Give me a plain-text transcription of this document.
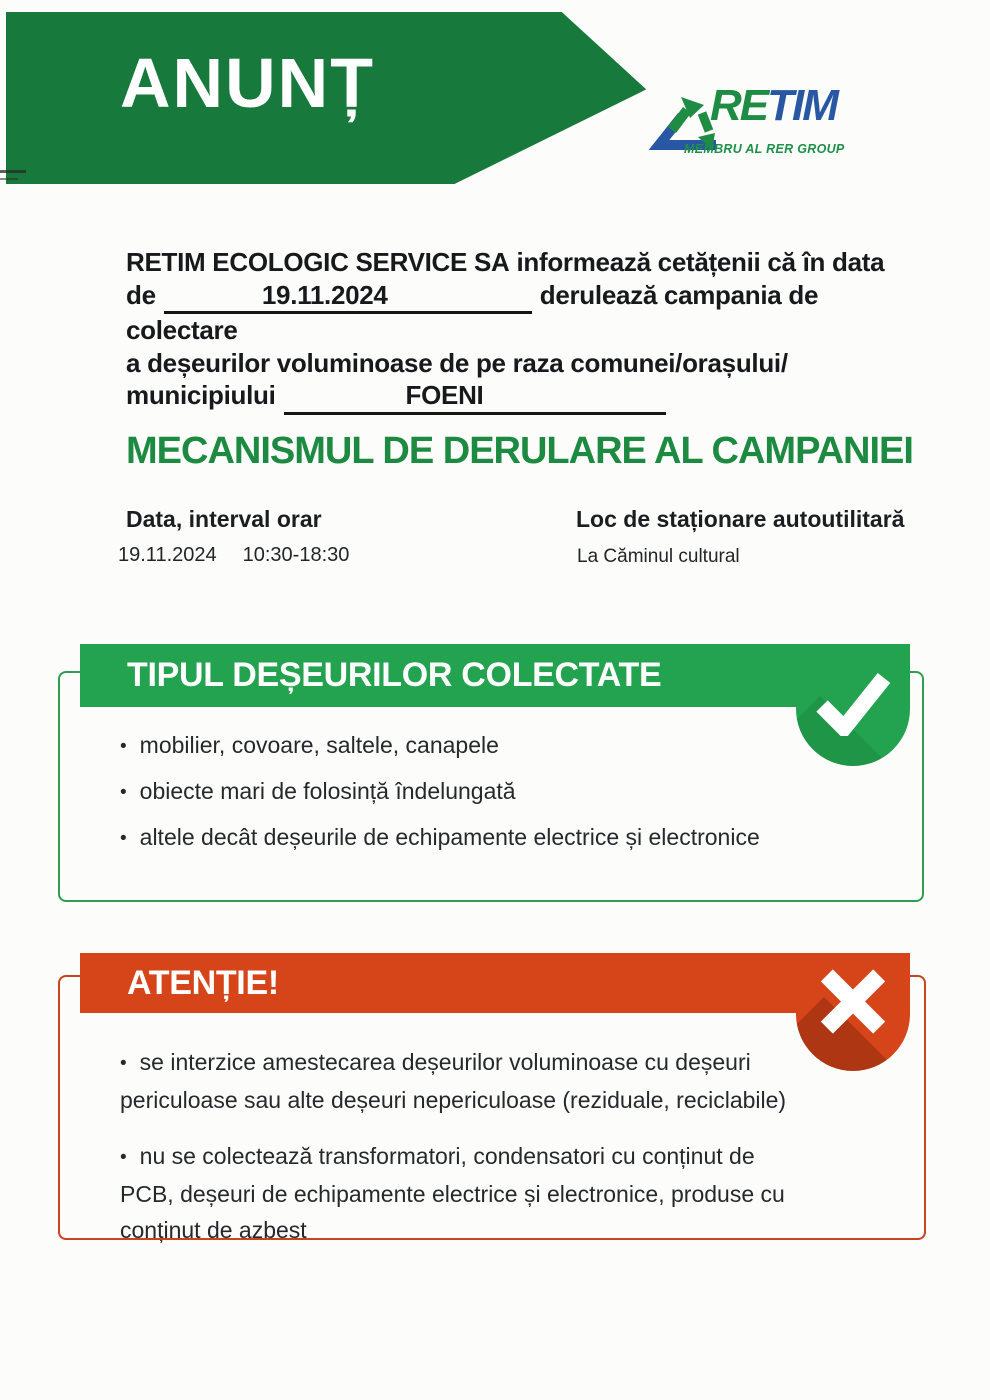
ANUNȚ	RETIM
MEMBRU AL RER GROUP
RETIM ECOLOGIC SERVICE SA informează cetățenii că în data
de	19.11.2024	derulează campania de colectare
a deșeurilor voluminoase de pe raza comunei/orașului/
municipiului	FOENI
MECANISMUL DE DERULARE AL CAMPANIEI
Data, interval orar	Loc de staționare autoutilitară
19.11.2024 10:30-18:30	La Căminul cultural
TIPUL DEȘEURILOR COLECTATE
• mobilier, covoare, saltele, canapele
• obiecte mari de folosință îndelungată
• altele decât deșeurile de echipamente electrice și electronice
ATENȚIE!
• se interzice amestecarea deșeurilor voluminoase cu deșeuri
periculoase sau alte deșeuri nepericuloase (reziduale, reciclabile)
• nu se colectează transformatori, condensatori cu conținut de
PCB, deșeuri de echipamente electrice și electronice, produse cu
conținut de azbest
